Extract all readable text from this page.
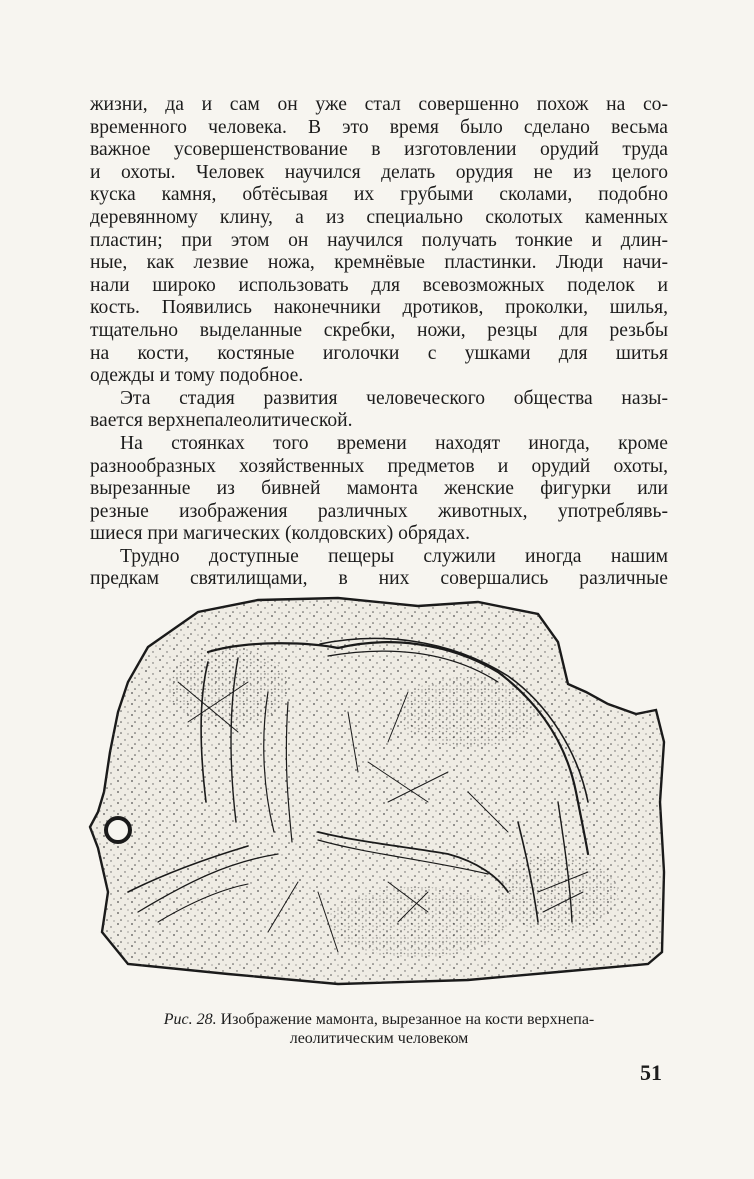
жизни, да и сам он уже стал совершенно похож на со-
временного человека. В это время было сделано весьма
важное усовершенствование в изготовлении орудий труда
и охоты. Человек научился делать орудия не из целого
куска камня, обтёсывая их грубыми сколами, подобно
деревянному клину, а из специально сколотых каменных
пластин; при этом он научился получать тонкие и длин-
ные, как лезвие ножа, кремнёвые пластинки. Люди начи-
нали широко использовать для всевозможных поделок и
кость. Появились наконечники дротиков, проколки, шилья,
тщательно выделанные скребки, ножи, резцы для резьбы
на кости, костяные иголочки с ушками для шитья
одежды и тому подобное.
Эта стадия развития человеческого общества назы-
вается верхнепалеолитической.
На стоянках того времени находят иногда, кроме
разнообразных хозяйственных предметов и орудий охоты,
вырезанные из бивней мамонта женские фигурки или
резные изображения различных животных, употреблявь-
шиеся при магических (колдовских) обрядах.
Трудно доступные пещеры служили иногда нашим
предкам святилищами, в них совершались различные
Рис. 28. Изображение мамонта, вырезанное на кости верхнепа-
леолитическим человеком
51
